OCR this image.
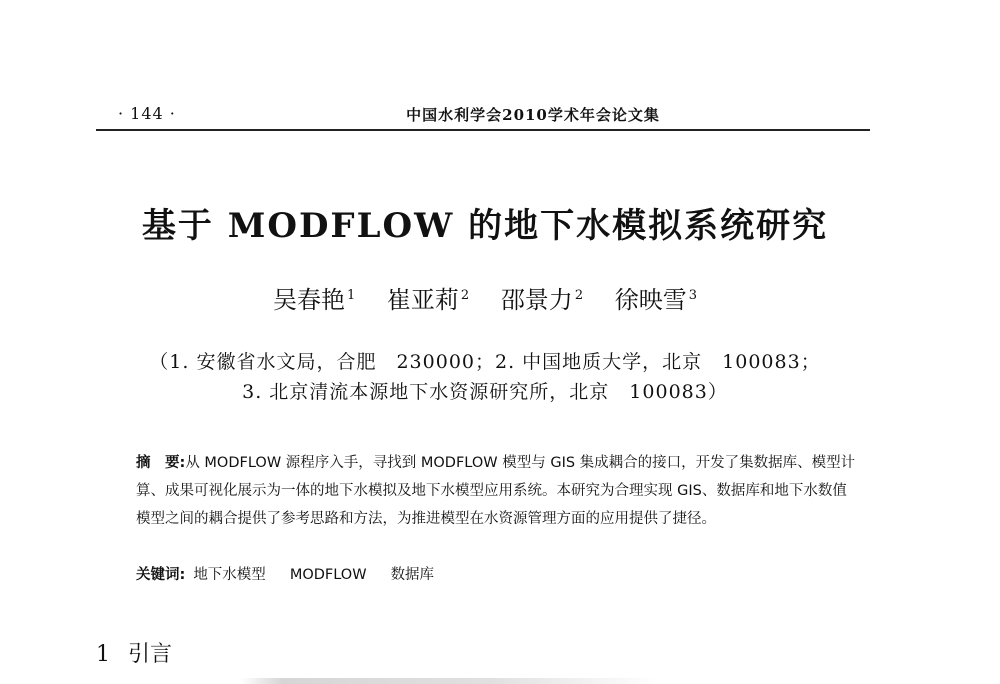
· 144 ·	中国水利学会2010学术年会论文集
基于 MODFLOW 的地下水模拟系统研究
吴春艳 $^1$ 崔亚莉 $^2$ 邵景力 $^2$ 徐映雪 $^3$
（1. 安徽省水文局，合肥　230000；2. 中国地质大学，北京　100083；
3. 北京清流本源地下水资源研究所，北京　100083）
摘　要:从 MODFLOW 源程序入手，寻找到 MODFLOW 模型与 GIS 集成耦合的接口，开发了集数据库、模型计算、成果可视化展示为一体的地下水模拟及地下水模型应用系统。本研究为合理实现 GIS、数据库和地下水数值模型之间的耦合提供了参考思路和方法，为推进模型在水资源管理方面的应用提供了捷径。
关键词: 地下水模型 MODFLOW 数据库
1 引言
